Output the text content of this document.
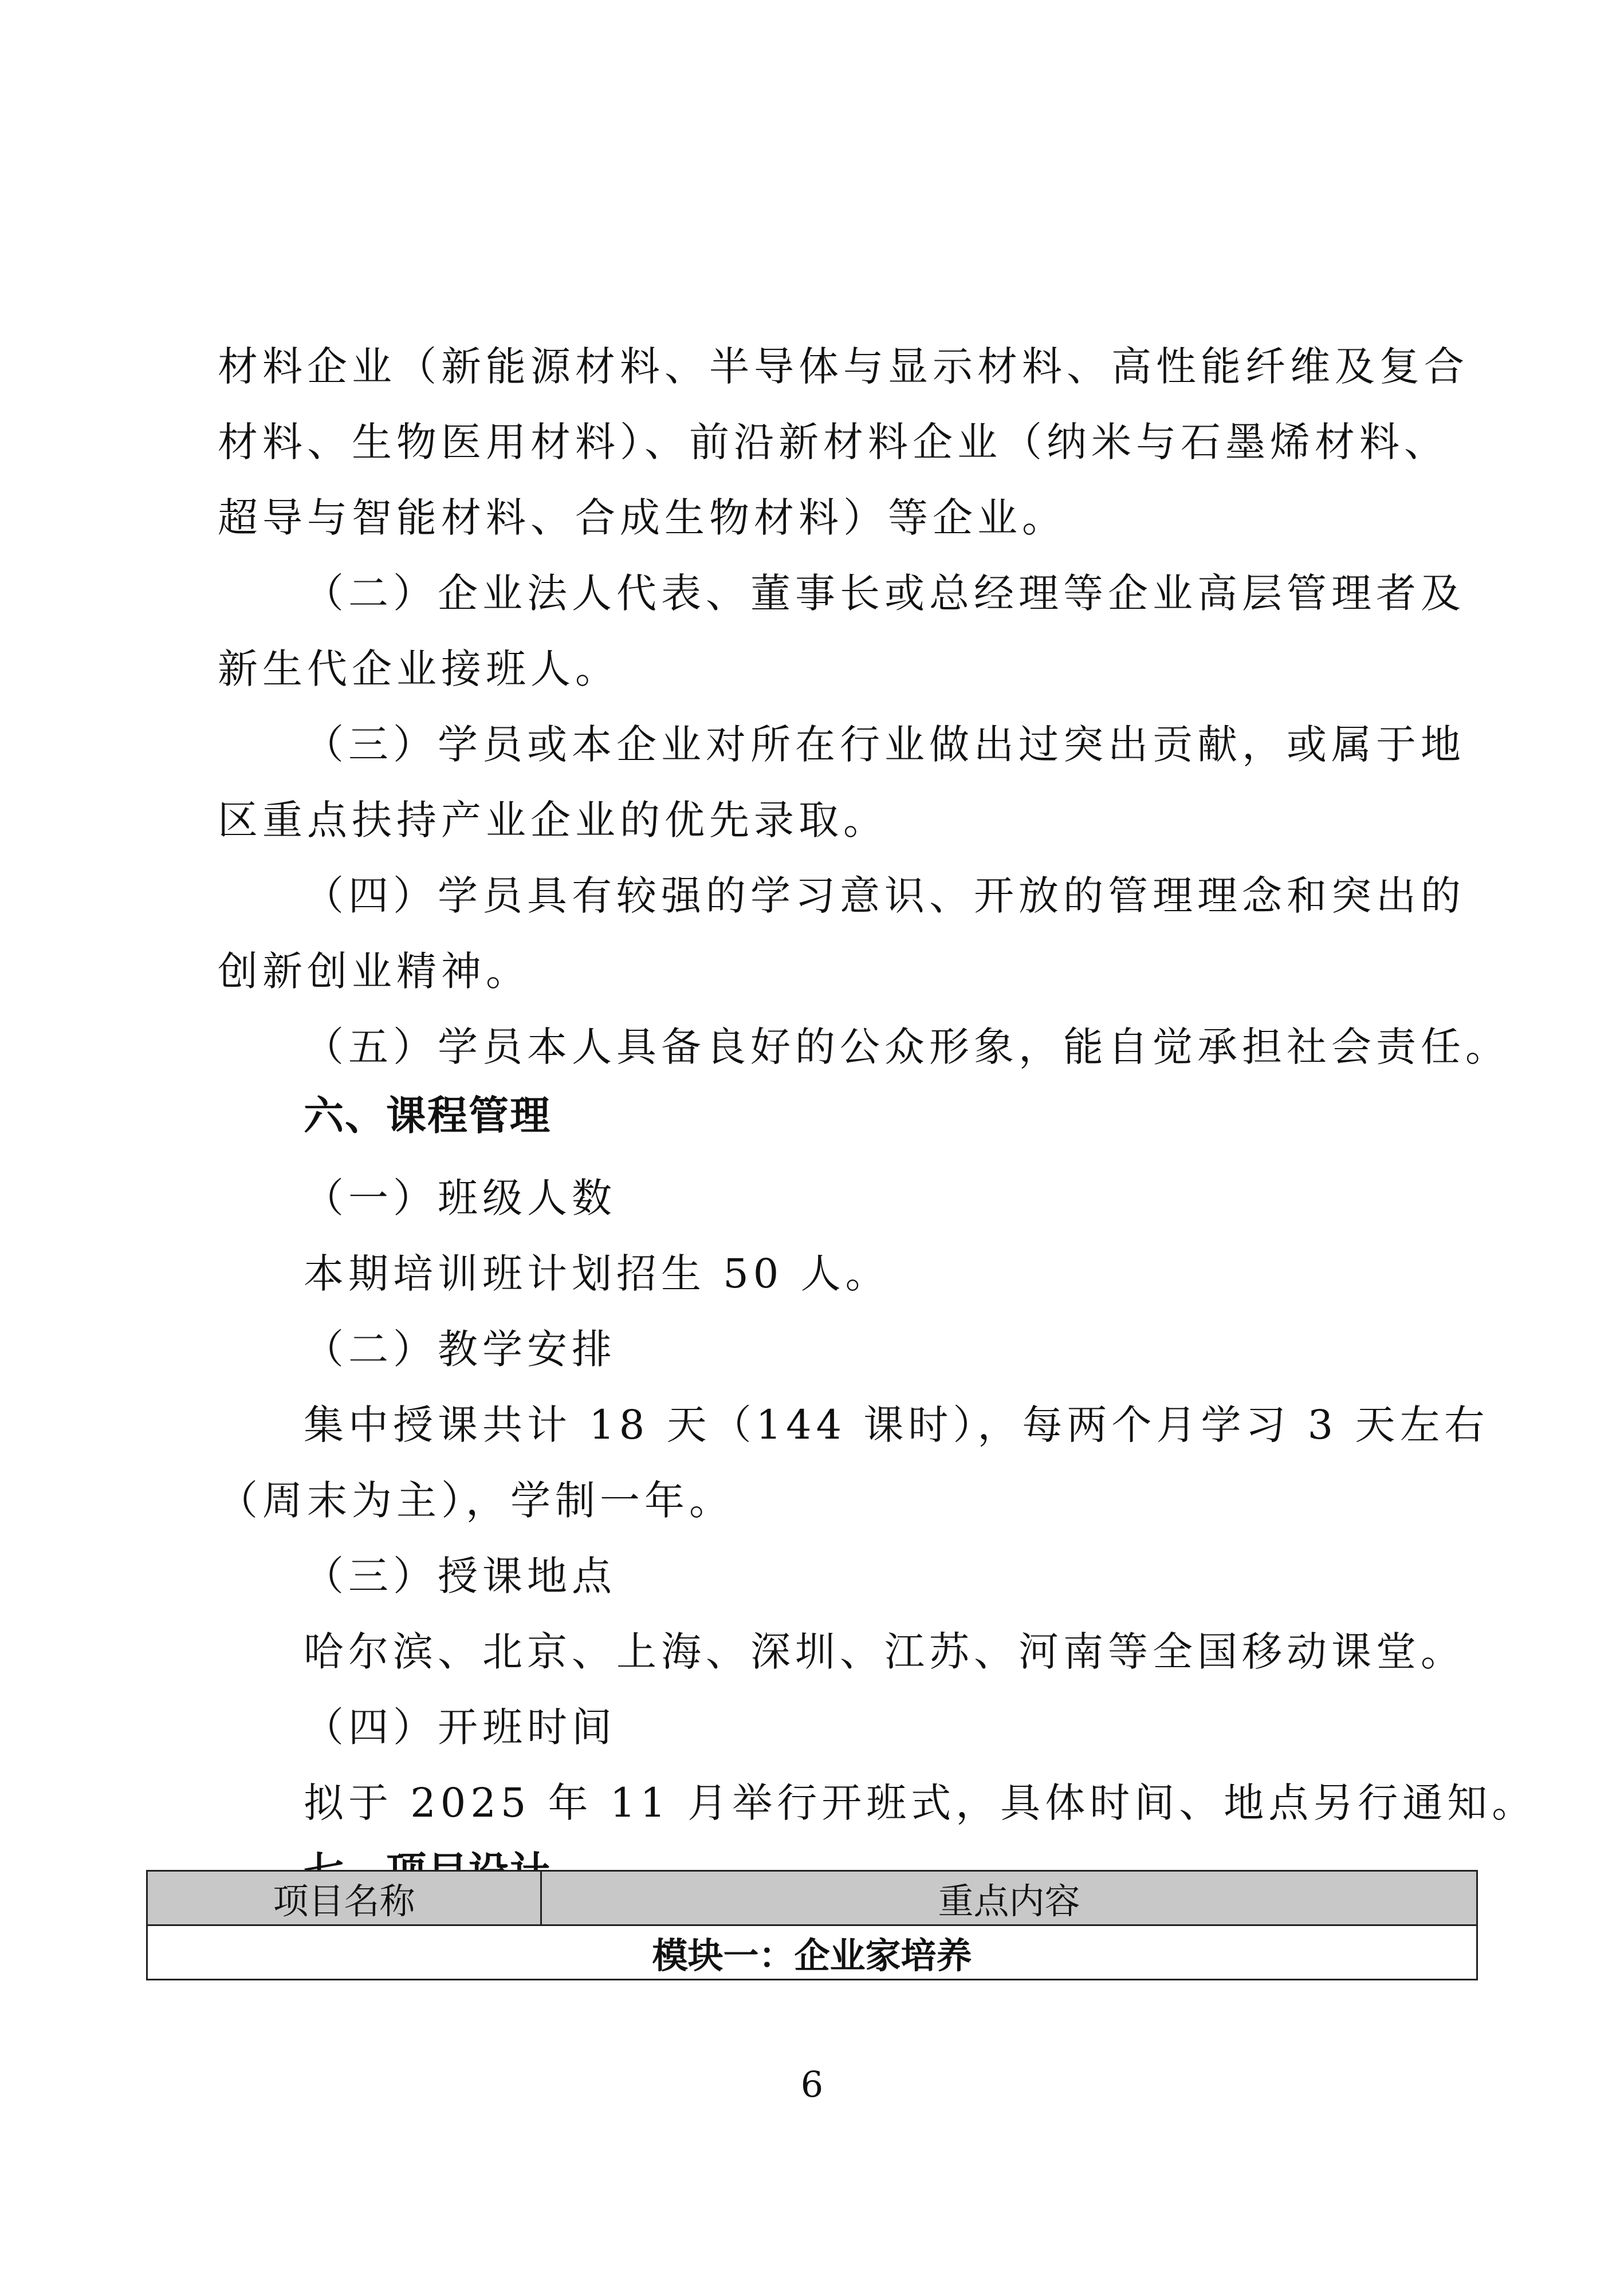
材料企业（新能源材料、半导体与显示材料、高性能纤维及复合

材料、生物医用材料）、前沿新材料企业（纳米与石墨烯材料、

超导与智能材料、合成生物材料）等企业。

（二）企业法人代表、董事长或总经理等企业高层管理者及

新生代企业接班人。

（三）学员或本企业对所在行业做出过突出贡献，或属于地

区重点扶持产业企业的优先录取。

（四）学员具有较强的学习意识、开放的管理理念和突出的

创新创业精神。

（五）学员本人具备良好的公众形象，能自觉承担社会责任。

六、课程管理

（一）班级人数

本期培训班计划招生 50 人。

（二）教学安排

集中授课共计 18 天（144 课时），每两个月学习 3 天左右

（周末为主），学制一年。

（三）授课地点

哈尔滨、北京、上海、深圳、江苏、河南等全国移动课堂。

（四）开班时间

拟于 2025 年 11 月举行开班式，具体时间、地点另行通知。

项目名称	重点内容
模块一：企业家培养
6
